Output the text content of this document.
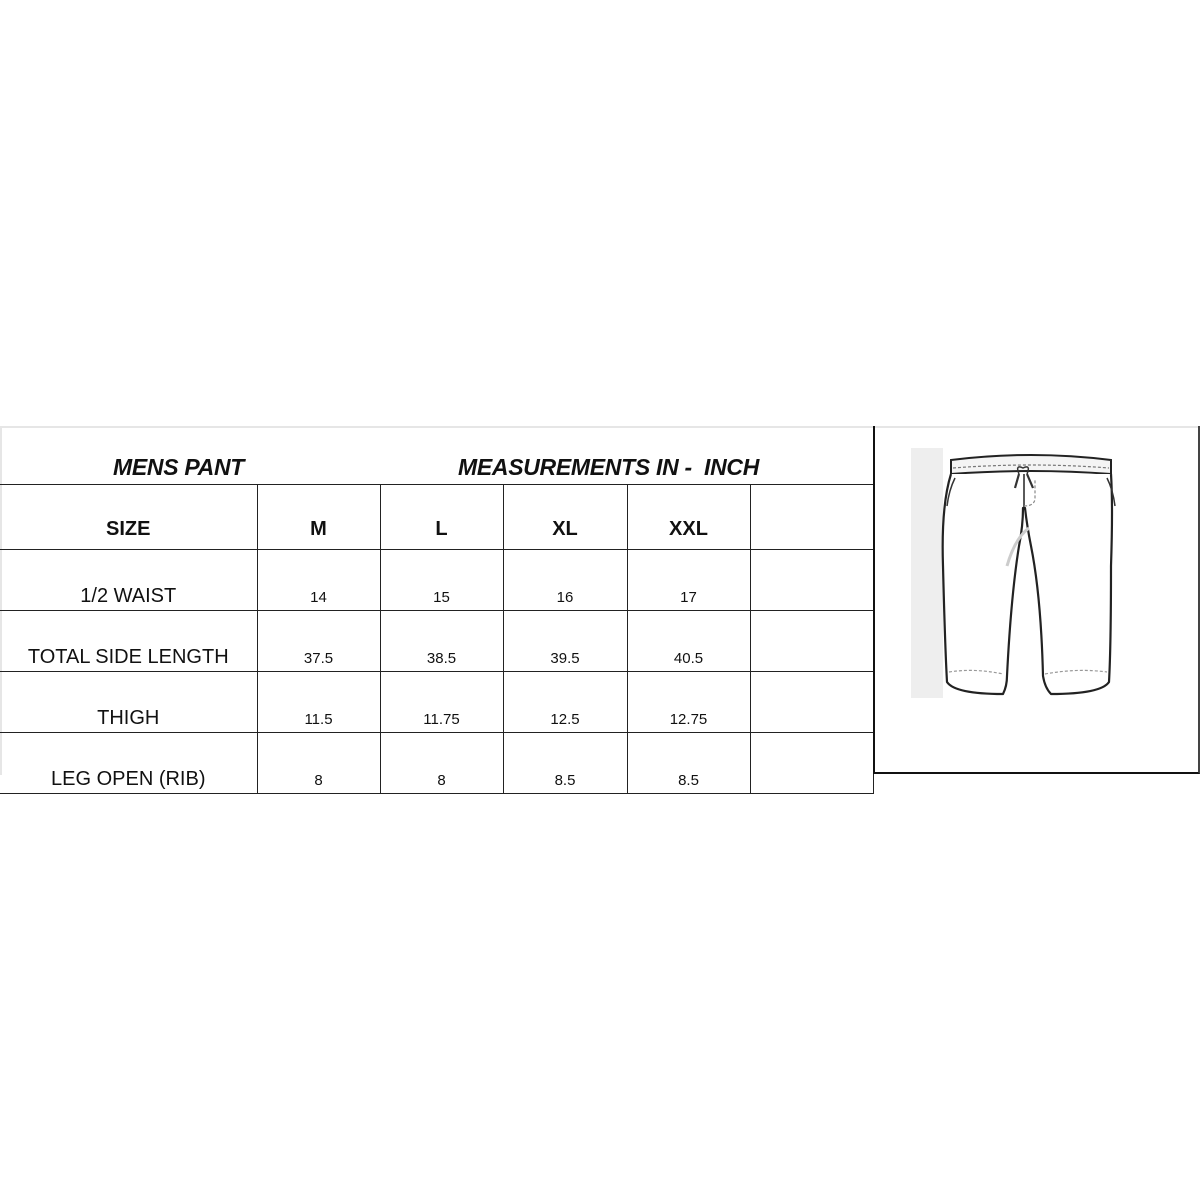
MENS PANT	MEASUREMENTS IN -  INCH
SIZE	M	L	XL	XXL	
1/2 WAIST	14	15	16	17	
TOTAL SIDE LENGTH	37.5	38.5	39.5	40.5	
THIGH	11.5	11.75	12.5	12.75	
LEG OPEN (RIB)	8	8	8.5	8.5	
